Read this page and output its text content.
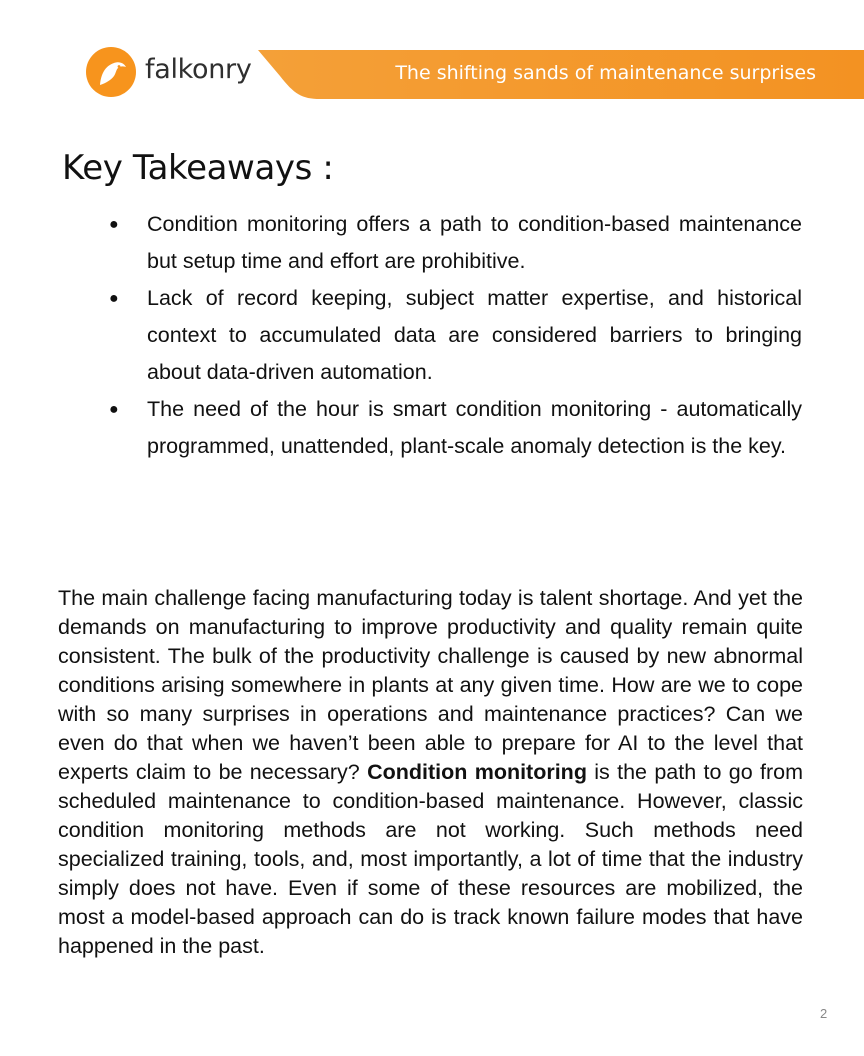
falkonry	The shifting sands of maintenance surprises
Key Takeaways :
● Condition monitoring offers a path to condition-based maintenance but setup time and effort are prohibitive.
● Lack of record keeping, subject matter expertise, and historical context to accumulated data are considered barriers to bringing about data-driven automation.
● The need of the hour is smart condition monitoring - automatically programmed, unattended, plant-scale anomaly detection is the key.

The main challenge facing manufacturing today is talent shortage. And yet the demands on manufacturing to improve productivity and quality remain quite consistent. The bulk of the productivity challenge is caused by new abnormal conditions arising somewhere in plants at any given time. How are we to cope with so many surprises in operations and maintenance practices? Can we even do that when we haven’t been able to prepare for AI to the level that experts claim to be necessary? Condition monitoring is the path to go from scheduled maintenance to condition-based maintenance. However, classic condition monitoring methods are not working. Such methods need specialized training, tools, and, most importantly, a lot of time that the industry simply does not have. Even if some of these resources are mobilized, the most a model-based approach can do is track known failure modes that have happened in the past.

2
